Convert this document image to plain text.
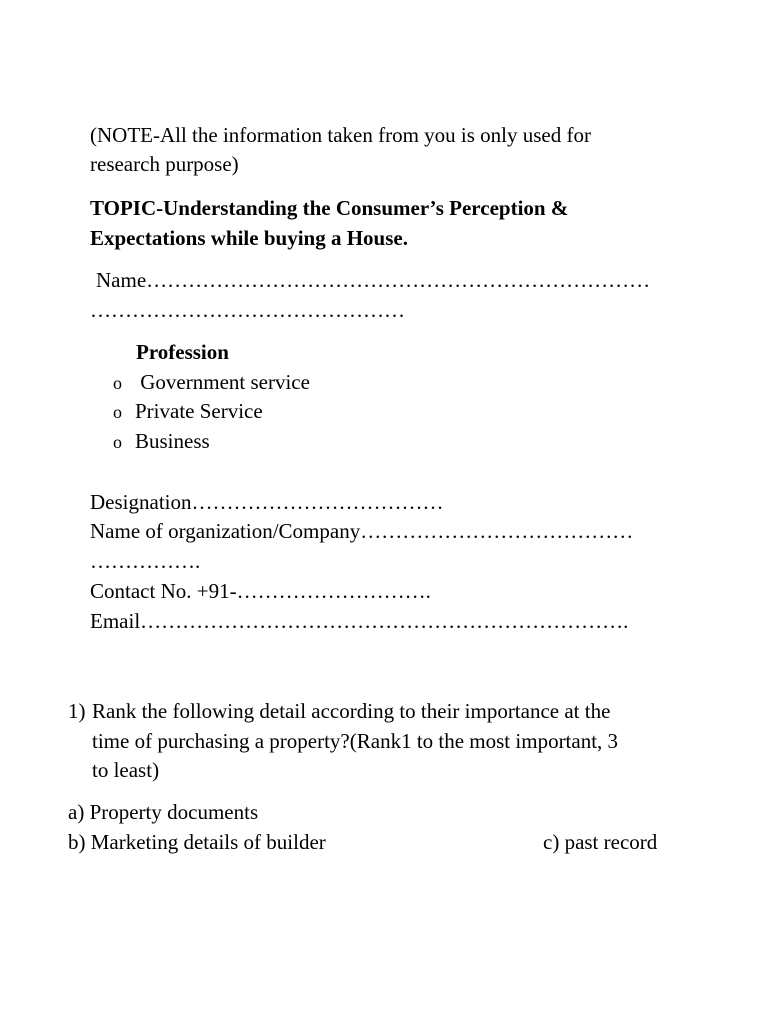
(NOTE-All the information taken from you is only used for
research purpose)
TOPIC-Understanding the Consumer’s Perception &
Expectations while buying a House.
Name………………………………………………………………
………………………………………
Profession
o Government service
o Private Service
o Business
Designation………………………………
Name of organization/Company…………………………………
…………….
Contact No. +91-……………………….
Email…………………………………………………………….
1) Rank the following detail according to their importance at the
time of purchasing a property?(Rank1 to the most important, 3
to least)
a) Property documents
b) Marketing details of builder	c) past record
